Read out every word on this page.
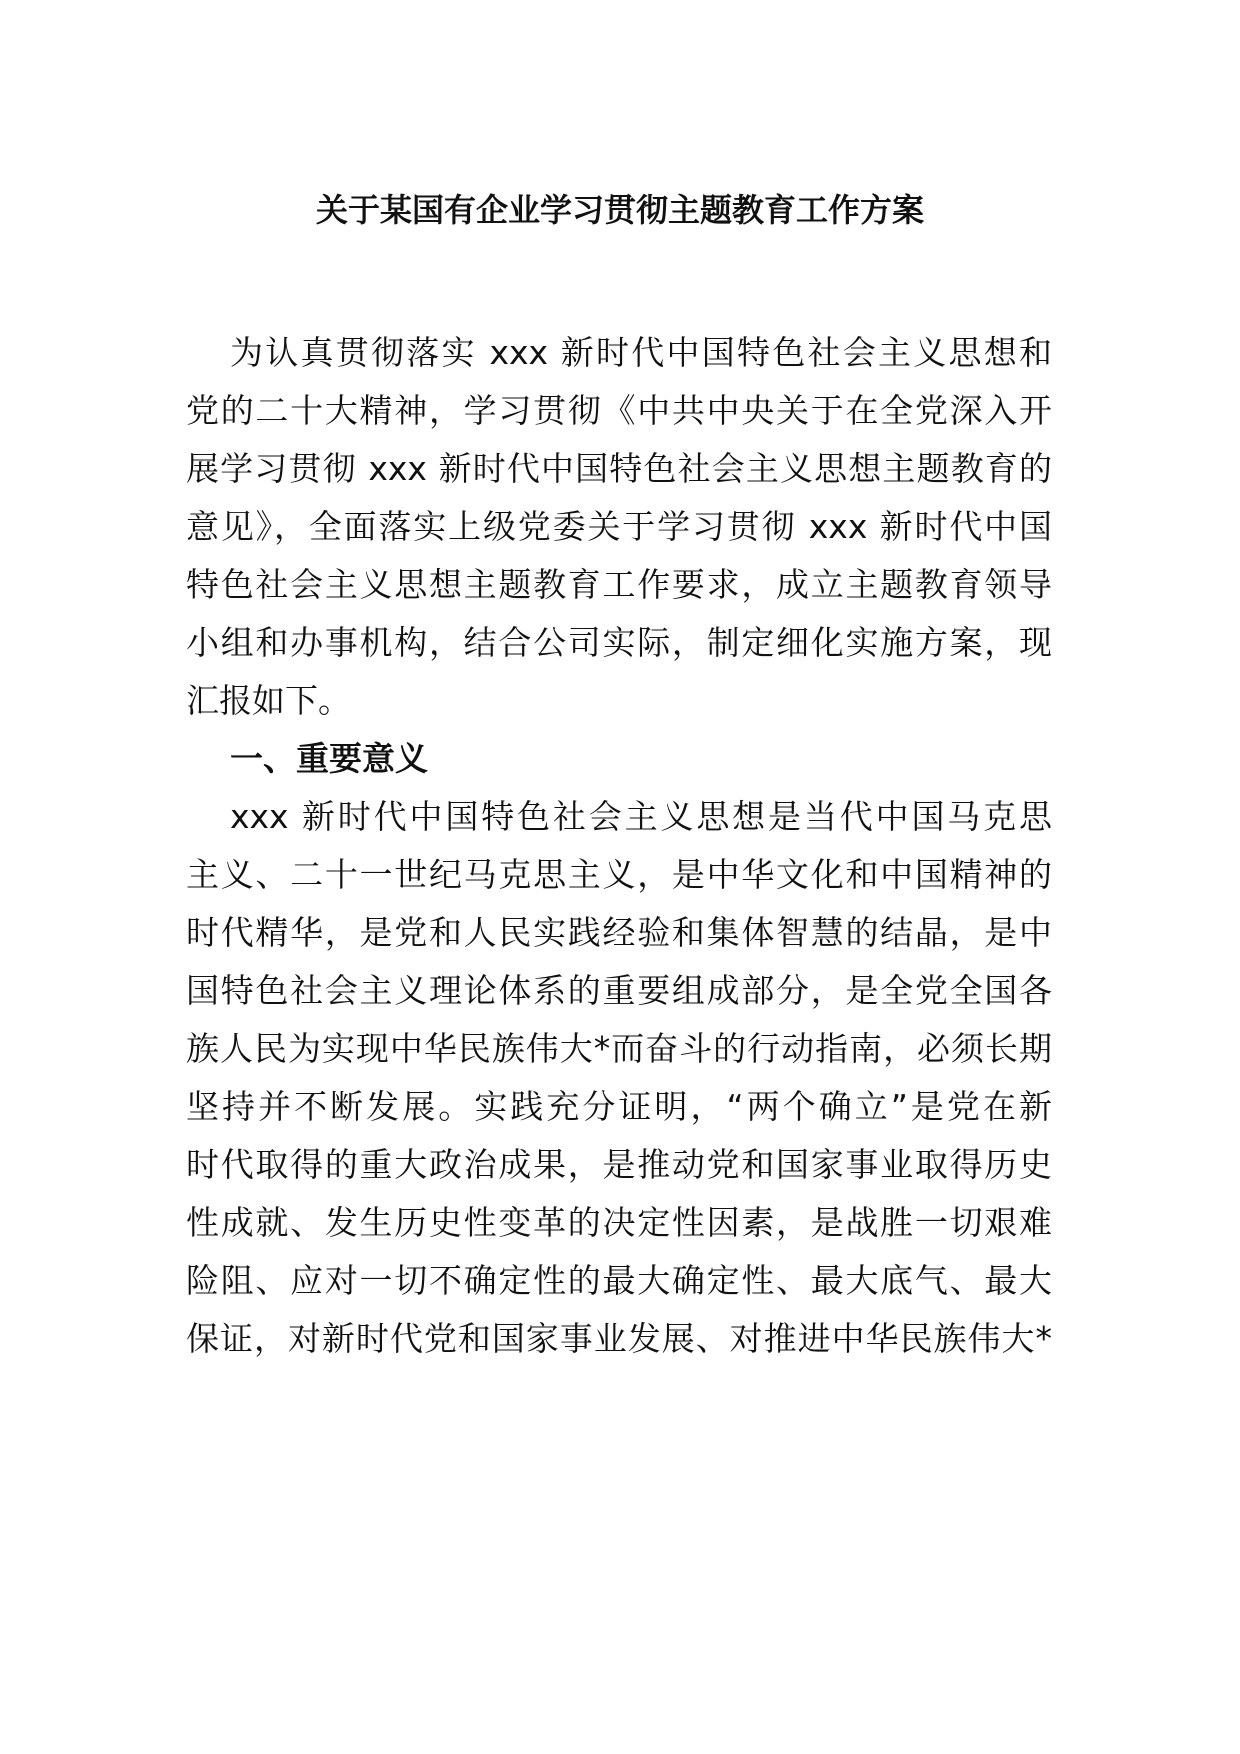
关于某国有企业学习贯彻主题教育工作方案
为认真贯彻落实 xxx 新时代中国特色社会主义思想和
党的二十大精神，学习贯彻《中共中央关于在全党深入开
展学习贯彻 xxx 新时代中国特色社会主义思想主题教育的
意见》，全面落实上级党委关于学习贯彻 xxx 新时代中国
特色社会主义思想主题教育工作要求，成立主题教育领导
小组和办事机构，结合公司实际，制定细化实施方案，现
汇报如下。
一、重要意义
xxx 新时代中国特色社会主义思想是当代中国马克思
主义、二十一世纪马克思主义，是中华文化和中国精神的
时代精华，是党和人民实践经验和集体智慧的结晶，是中
国特色社会主义理论体系的重要组成部分，是全党全国各
族人民为实现中华民族伟大*而奋斗的行动指南，必须长期
坚持并不断发展。实践充分证明，“两个确立”是党在新
时代取得的重大政治成果，是推动党和国家事业取得历史
性成就、发生历史性变革的决定性因素，是战胜一切艰难
险阻、应对一切不确定性的最大确定性、最大底气、最大
保证，对新时代党和国家事业发展、对推进中华民族伟大*
